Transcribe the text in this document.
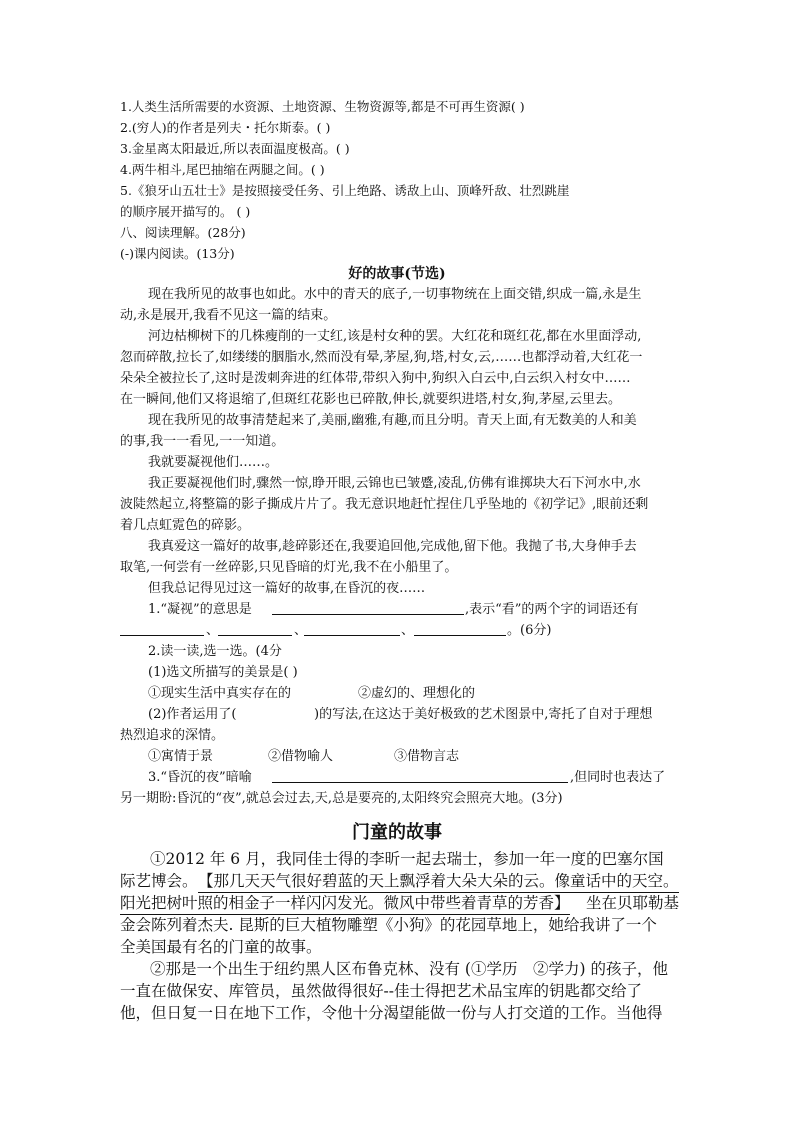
1.人类生活所需要的水资源、土地资源、生物资源等,都是不可再生资源( )
2.(穷人)的作者是列夫・托尔斯泰。( )
3.金星离太阳最近,所以表面温度极高。( )
4.两牛相斗,尾巴抽缩在两腿之间。( )
5.《狼牙山五壮士》是按照接受任务、引上绝路、诱敌上山、顶峰歼敌、壮烈跳崖
的顺序展开描写的。 ( )
八、阅读理解。(28分)
(-)课内阅读。(13分)
好的故事(节选)
现在我所见的故事也如此。水中的青天的底子,一切事物统在上面交错,织成一篇,永是生
动,永是展开,我看不见这一篇的结束。
河边枯柳树下的几株瘦削的一丈红,该是村女种的罢。大红花和斑红花,都在水里面浮动,
忽而碎散,拉长了,如缕缕的胭脂水,然而没有晕,茅屋,狗,塔,村女,云,……也都浮动着,大红花一
朵朵全被拉长了,这时是泼刺奔进的红体带,带织入狗中,狗织入白云中,白云织入村女中……
在一瞬间,他们又将退缩了,但斑红花影也已碎散,伸长,就要织进塔,村女,狗,茅屋,云里去。
现在我所见的故事清楚起来了,美丽,幽雅,有趣,而且分明。青天上面,有无数美的人和美
的事,我一一看见,一一知道。
我就要凝视他们……。
我正要凝视他们时,骤然一惊,睁开眼,云锦也已皱蹙,凌乱,仿佛有谁掷块大石下河水中,水
波陡然起立,将整篇的影子撕成片片了。我无意识地赶忙捏住几乎坠地的《初学记》,眼前还剩
着几点虹霓色的碎影。
我真爱这一篇好的故事,趁碎影还在,我要追回他,完成他,留下他。我抛了书,大身伸手去
取笔,一何尝有一丝碎影,只见昏暗的灯光,我不在小船里了。
但我总记得见过这一篇好的故事,在昏沉的夜……
1.“凝视”的意思是	,表示“看”的两个字的词语还有
、	、	、	。(6分)
2.读一读,选一选。(4分
(1)选文所描写的美景是( )
①现实生活中真实存在的	②虚幻的、理想化的
(2)作者运用了(	)的写法,在这达于美好极致的艺术图景中,寄托了自对于理想
热烈追求的深情。
①寓情于景	②借物喻人	③借物言志
3.“昏沉的夜”暗喻	,但同时也表达了
另一期盼:昏沉的“夜”,就总会过去,天,总是要亮的,太阳终究会照亮大地。(3分)
门童的故事
①2012 年 6 月，我同佳士得的李昕一起去瑞士，参加一年一度的巴塞尔国
际艺博会。 【那几天天气很好碧蓝的天上飘浮着大朵大朵的云。像童话中的天空。
阳光把树叶照的相金子一样闪闪发光。微风中带些着青草的芳香】 坐在贝耶勒基
金会陈列着杰夫. 昆斯的巨大植物雕塑《小狗》的花园草地上，她给我讲了一个
全美国最有名的门童的故事。
②那是一个出生于纽约黑人区布鲁克林、没有 (①学历　②学力) 的孩子，他
一直在做保安、库管员，虽然做得很好--佳士得把艺术品宝库的钥匙都交给了
他，但日复一日在地下工作，令他十分渴望能做一份与人打交道的工作。当他得
